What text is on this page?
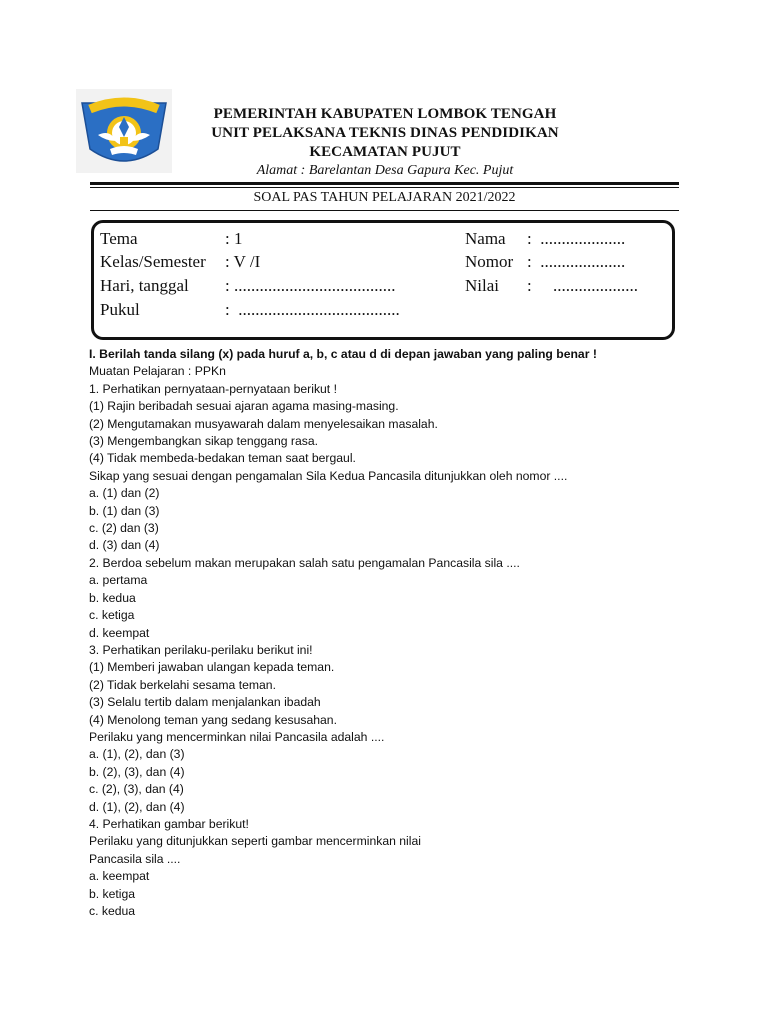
PEMERINTAH KABUPATEN LOMBOK TENGAH
UNIT PELAKSANA TEKNIS DINAS PENDIDIKAN
KECAMATAN PUJUT
Alamat : Barelantan Desa Gapura Kec. Pujut
SOAL PAS TAHUN PELAJARAN 2021/2022
Tema	: 1
Kelas/Semester : V /I
Hari, tanggal : ......................................
Pukul	:  ......................................
Nama :  ....................
Nomor :  ....................
Nilai :     ....................
I. Berilah tanda silang (x) pada huruf a, b, c atau d di depan jawaban yang paling benar !
Muatan Pelajaran : PPKn
1. Perhatikan pernyataan-pernyataan berikut !
(1) Rajin beribadah sesuai ajaran agama masing-masing.
(2) Mengutamakan musyawarah dalam menyelesaikan masalah.
(3) Mengembangkan sikap tenggang rasa.
(4) Tidak membeda-bedakan teman saat bergaul.
Sikap yang sesuai dengan pengamalan Sila Kedua Pancasila ditunjukkan oleh nomor ....
a. (1) dan (2)
b. (1) dan (3)
c. (2) dan (3)
d. (3) dan (4)
2. Berdoa sebelum makan merupakan salah satu pengamalan Pancasila sila ....
a. pertama
b. kedua
c. ketiga
d. keempat
3. Perhatikan perilaku-perilaku berikut ini!
(1) Memberi jawaban ulangan kepada teman.
(2) Tidak berkelahi sesama teman.
(3) Selalu tertib dalam menjalankan ibadah
(4) Menolong teman yang sedang kesusahan.
Perilaku yang mencerminkan nilai Pancasila adalah ....
a. (1), (2), dan (3)
b. (2), (3), dan (4)
c. (2), (3), dan (4)
d. (1), (2), dan (4)
4. Perhatikan gambar berikut!
Perilaku yang ditunjukkan seperti gambar mencerminkan nilai
Pancasila sila ....
a. keempat
b. ketiga
c. kedua
